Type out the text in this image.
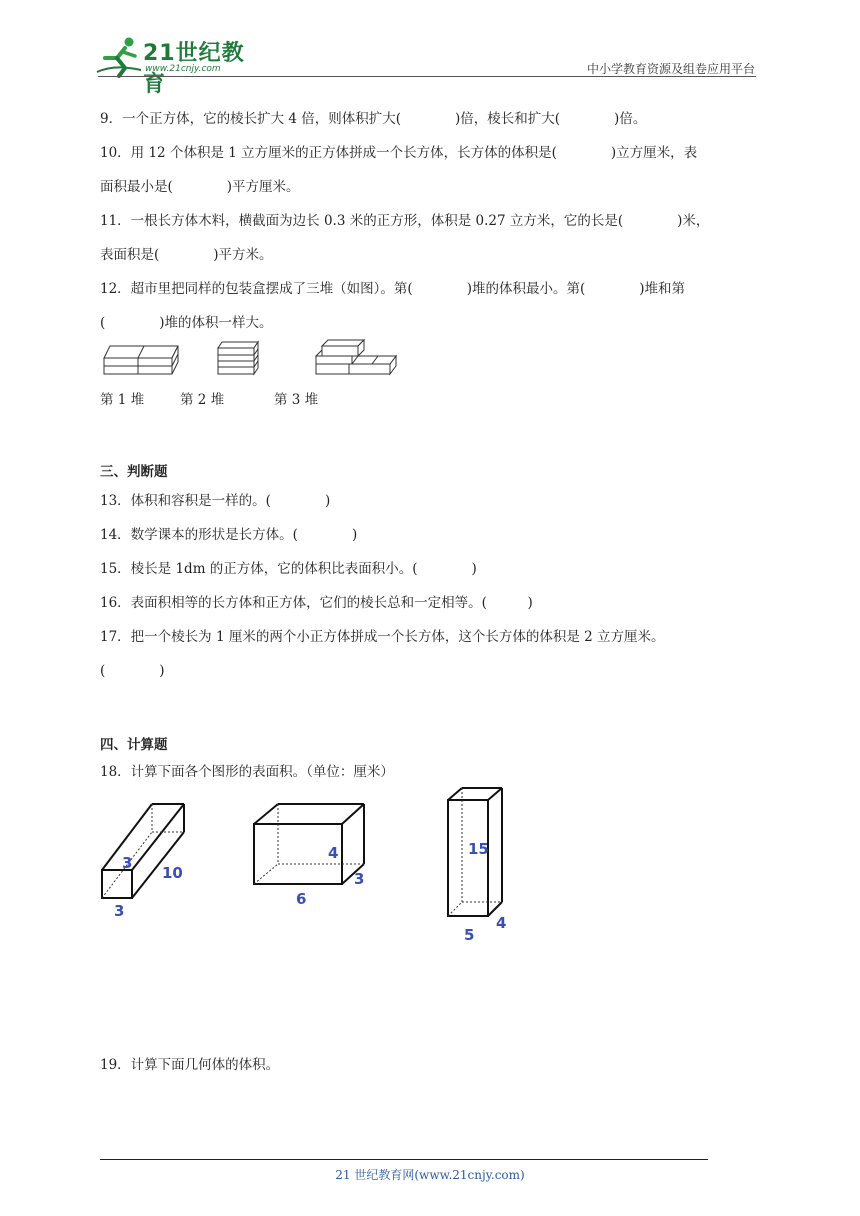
21世纪教育
www.21cnjy.com	中小学教育资源及组卷应用平台
9．一个正方体，它的棱长扩大 4 倍，则体积扩大(　　　　)倍，棱长和扩大(　　　　)倍。
10．用 12 个体积是 1 立方厘米的正方体拼成一个长方体，长方体的体积是(　　　　)立方厘米，表
面积最小是(　　　　)平方厘米。
11．一根长方体木料，横截面为边长 0.3 米的正方形，体积是 0.27 立方米，它的长是(　　　　)米，
表面积是(　　　　)平方米。
12．超市里把同样的包装盒摆成了三堆（如图）。第(　　　　)堆的体积最小。第(　　　　)堆和第
(　　　　)堆的体积一样大。
第 1 堆	第 2 堆	第 3 堆
三、判断题
13．体积和容积是一样的。(　　　　)
14．数学课本的形状是长方体。(　　　　)
15．棱长是 1dm 的正方体，它的体积比表面积小。(　　　　)
16．表面积相等的长方体和正方体，它们的棱长总和一定相等。(　　　)
17．把一个棱长为 1 厘米的两个小正方体拼成一个长方体，这个长方体的体积是 2 立方厘米。
(　　　　)
四、计算题
18．计算下面各个图形的表面积。（单位：厘米）
3
10
3
4
6
3
15
5
4
19．计算下面几何体的体积。
21 世纪教育网(www.21cnjy.com)
